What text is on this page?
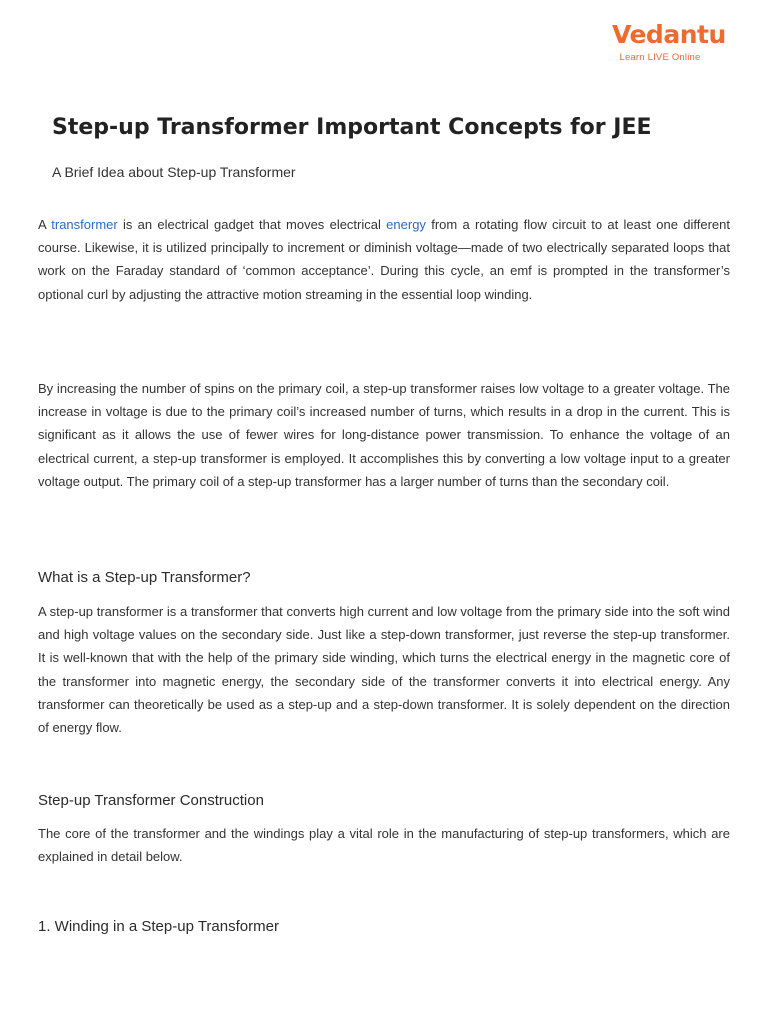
Vedantu
Learn LIVE Online
Step-up Transformer Important Concepts for JEE

A Brief Idea about Step-up Transformer

A transformer is an electrical gadget that moves electrical energy from a rotating flow circuit to at least one different course. Likewise, it is utilized principally to increment or diminish voltage—made of two electrically separated loops that work on the Faraday standard of ‘common acceptance’. During this cycle, an emf is prompted in the transformer’s optional curl by adjusting the attractive motion streaming in the essential loop winding.

By increasing the number of spins on the primary coil, a step-up transformer raises low voltage to a greater voltage. The increase in voltage is due to the primary coil’s increased number of turns, which results in a drop in the current. This is significant as it allows the use of fewer wires for long-distance power transmission. To enhance the voltage of an electrical current, a step-up transformer is employed. It accomplishes this by converting a low voltage input to a greater voltage output. The primary coil of a step-up transformer has a larger number of turns than the secondary coil.

What is a Step-up Transformer?

A step-up transformer is a transformer that converts high current and low voltage from the primary side into the soft wind and high voltage values on the secondary side. Just like a step-down transformer, just reverse the step-up transformer. It is well-known that with the help of the primary side winding, which turns the electrical energy in the magnetic core of the transformer into magnetic energy, the secondary side of the transformer converts it into electrical energy. Any transformer can theoretically be used as a step-up and a step-down transformer. It is solely dependent on the direction of energy flow.

Step-up Transformer Construction

The core of the transformer and the windings play a vital role in the manufacturing of step-up transformers, which are explained in detail below.

1. Winding in a Step-up Transformer
